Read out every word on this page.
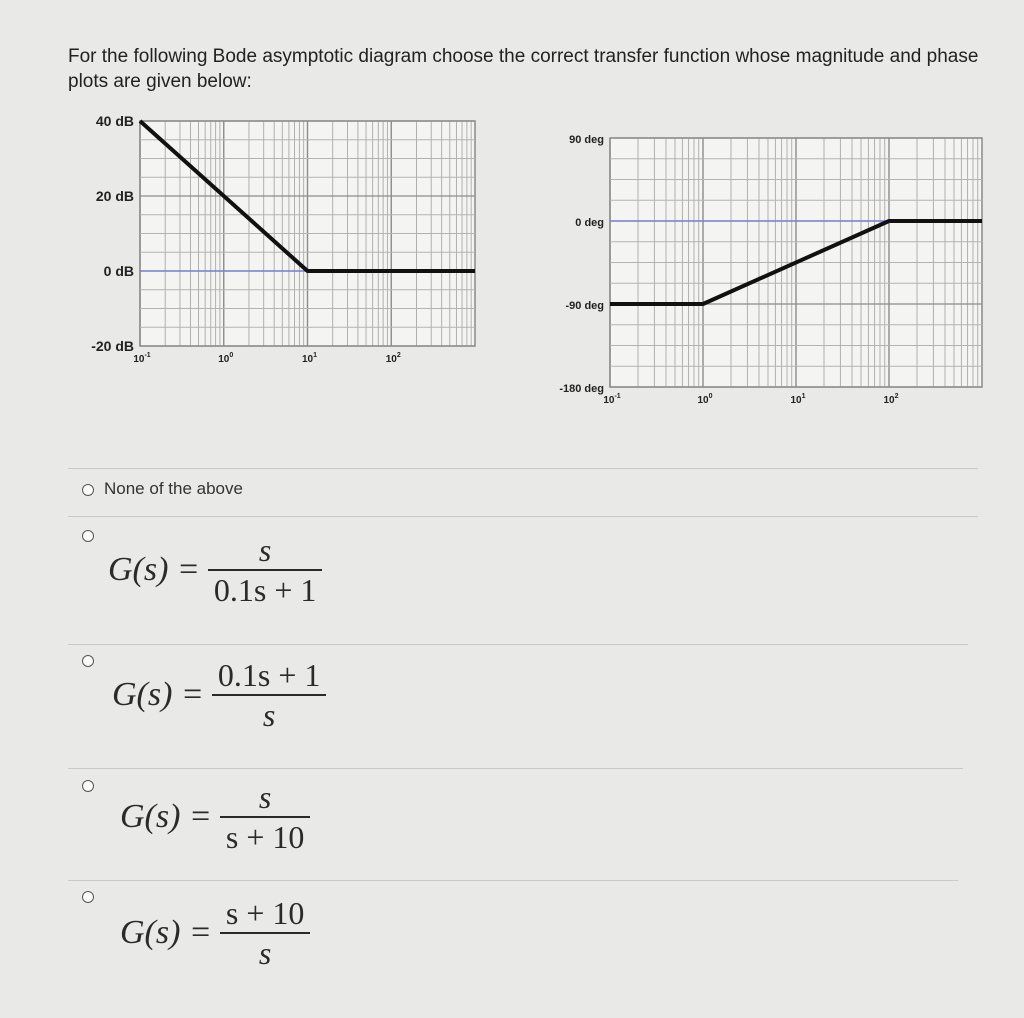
For the following Bode asymptotic diagram choose the correct transfer function whose magnitude and phase plots are given below:
40 dB
20 dB
0 dB
-20 dB
$10^{-1}$	$10^0$	$10^1$	$10^2$
90 deg
0 deg
-90 deg
-180 deg
$10^{-1}$	$10^0$	$10^1$	$10^2$
None of the above
$G(s) = \frac{s}{0.1s + 1}$
$G(s) = \frac{0.1s + 1}{s}$
$G(s) = \frac{s}{s + 10}$
$G(s) = \frac{s + 10}{s}$
